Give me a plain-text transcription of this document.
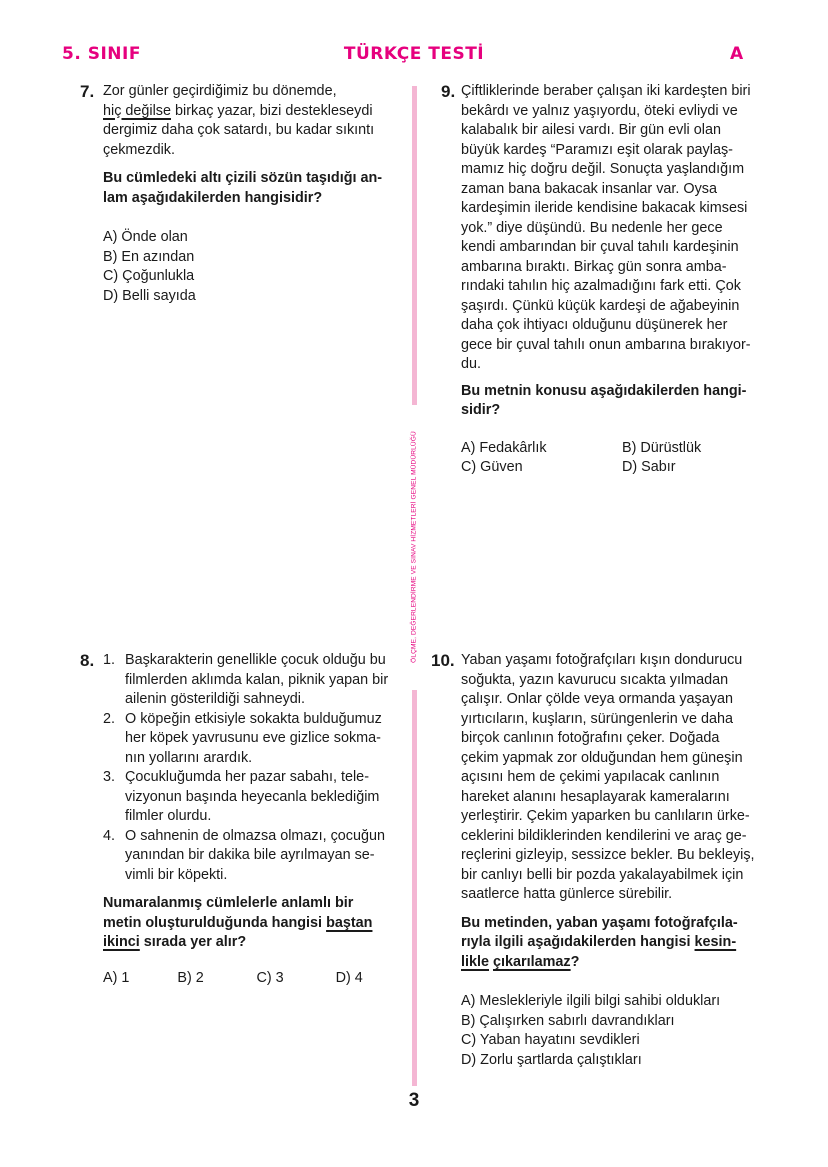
5. SINIF	TÜRKÇE TESTİ	A
ÖLÇME, DEĞERLENDİRME VE SINAV HİZMETLERİ GENEL MÜDÜRLÜĞÜ
7. Zor günler geçirdiğimiz bu dönemde,

hiç değilse birkaç yazar, bizi destekleseydi

dergimiz daha çok satardı, bu kadar sıkıntı

çekmezdik.

Bu cümledeki altı çizili sözün taşıdığı an-

lam aşağıdakilerden hangisidir?

A) Önde olan

B) En azından

C) Çoğunlukla

D) Belli sayıda

9. Çiftliklerinde beraber çalışan iki kardeşten biri

bekârdı ve yalnız yaşıyordu, öteki evliydi ve

kalabalık bir ailesi vardı. Bir gün evli olan

büyük kardeş “Paramızı eşit olarak paylaş-

mamız hiç doğru değil. Sonuçta yaşlandığım

zaman bana bakacak insanlar var. Oysa

kardeşimin ileride kendisine bakacak kimsesi

yok.” diye düşündü. Bu nedenle her gece

kendi ambarından bir çuval tahılı kardeşinin

ambarına bıraktı. Birkaç gün sonra amba-

rındaki tahılın hiç azalmadığını fark etti. Çok

şaşırdı. Çünkü küçük kardeşi de ağabeyinin

daha çok ihtiyacı olduğunu düşünerek her

gece bir çuval tahılı onun ambarına bırakıyor-

du.

Bu metnin konusu aşağıdakilerden hangi-

sidir?

A) Fedakârlık	B) Dürüstlük

C) Güven	D) Sabır

8. 1. Başkarakterin genellikle çocuk olduğu bu

filmlerden aklımda kalan, piknik yapan bir

ailenin gösterildiği sahneydi.

2. O köpeğin etkisiyle sokakta bulduğumuz

her köpek yavrusunu eve gizlice sokma-

nın yollarını arardık.

3. Çocukluğumda her pazar sabahı, tele-

vizyonun başında heyecanla beklediğim

filmler olurdu.

4. O sahnenin de olmazsa olmazı, çocuğun

yanından bir dakika bile ayrılmayan se-

vimli bir köpekti.

Numaralanmış cümlelerle anlamlı bir

metin oluşturulduğunda hangisi baştan

ikinci sırada yer alır?

A) 1	B) 2	C) 3	D) 4

10. Yaban yaşamı fotoğrafçıları kışın dondurucu

soğukta, yazın kavurucu sıcakta yılmadan

çalışır. Onlar çölde veya ormanda yaşayan

yırtıcıların, kuşların, sürüngenlerin ve daha

birçok canlının fotoğrafını çeker. Doğada

çekim yapmak zor olduğundan hem güneşin

açısını hem de çekimi yapılacak canlının

hareket alanını hesaplayarak kameralarını

yerleştirir. Çekim yaparken bu canlıların ürke-

ceklerini bildiklerinden kendilerini ve araç ge-

reçlerini gizleyip, sessizce bekler. Bu bekleyiş,

bir canlıyı belli bir pozda yakalayabilmek için

saatlerce hatta günlerce sürebilir.

Bu metinden, yaban yaşamı fotoğrafçıla-

rıyla ilgili aşağıdakilerden hangisi kesin-

likle çıkarılamaz?

A) Meslekleriyle ilgili bilgi sahibi oldukları

B) Çalışırken sabırlı davrandıkları

C) Yaban hayatını sevdikleri

D) Zorlu şartlarda çalıştıkları

3
